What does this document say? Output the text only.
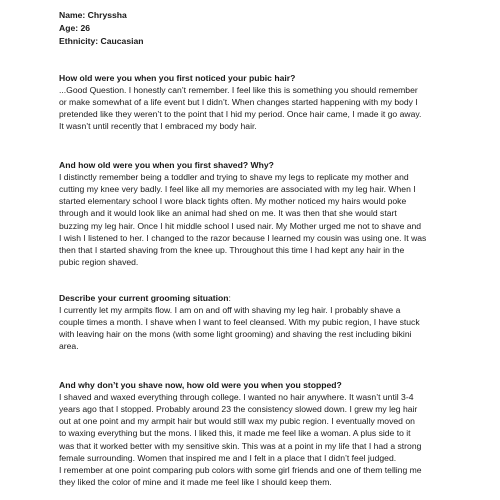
Name: Chryssha
Age: 26
Ethnicity: Caucasian

How old were you when you first noticed your pubic hair?

...Good Question. I honestly can’t remember. I feel like this is something you should remember

or make somewhat of a life event but I didn’t. When changes started happening with my body I

pretended like they weren’t to the point that I hid my period. Once hair came, I made it go away.

It wasn’t until recently that I embraced my body hair.

And how old were you when you first shaved? Why?

I distinctly remember being a toddler and trying to shave my legs to replicate my mother and

cutting my knee very badly. I feel like all my memories are associated with my leg hair. When I

started elementary school I wore black tights often. My mother noticed my hairs would poke

through and it would look like an animal had shed on me. It was then that she would start

buzzing my leg hair. Once I hit middle school I used nair. My Mother urged me not to shave and

I wish I listened to her. I changed to the razor because I learned my cousin was using one. It was

then that I started shaving from the knee up. Throughout this time I had kept any hair in the

pubic region shaved.

Describe your current grooming situation:

I currently let my armpits flow. I am on and off with shaving my leg hair. I probably shave a

couple times a month. I shave when I want to feel cleansed. With my pubic region, I have stuck

with leaving hair on the mons (with some light grooming) and shaving the rest including bikini

area.

And why don’t you shave now, how old were you when you stopped?

I shaved and waxed everything through college. I wanted no hair anywhere. It wasn’t until 3-4

years ago that I stopped. Probably around 23 the consistency slowed down. I grew my leg hair

out at one point and my armpit hair but would still wax my pubic region. I eventually moved on

to waxing everything but the mons. I liked this, it made me feel like a woman. A plus side to it

was that it worked better with my sensitive skin. This was at a point in my life that I had a strong

female surrounding. Women that inspired me and I felt in a place that I didn’t feel judged.

I remember at one point comparing pub colors with some girl friends and one of them telling me

they liked the color of mine and it made me feel like I should keep them.
